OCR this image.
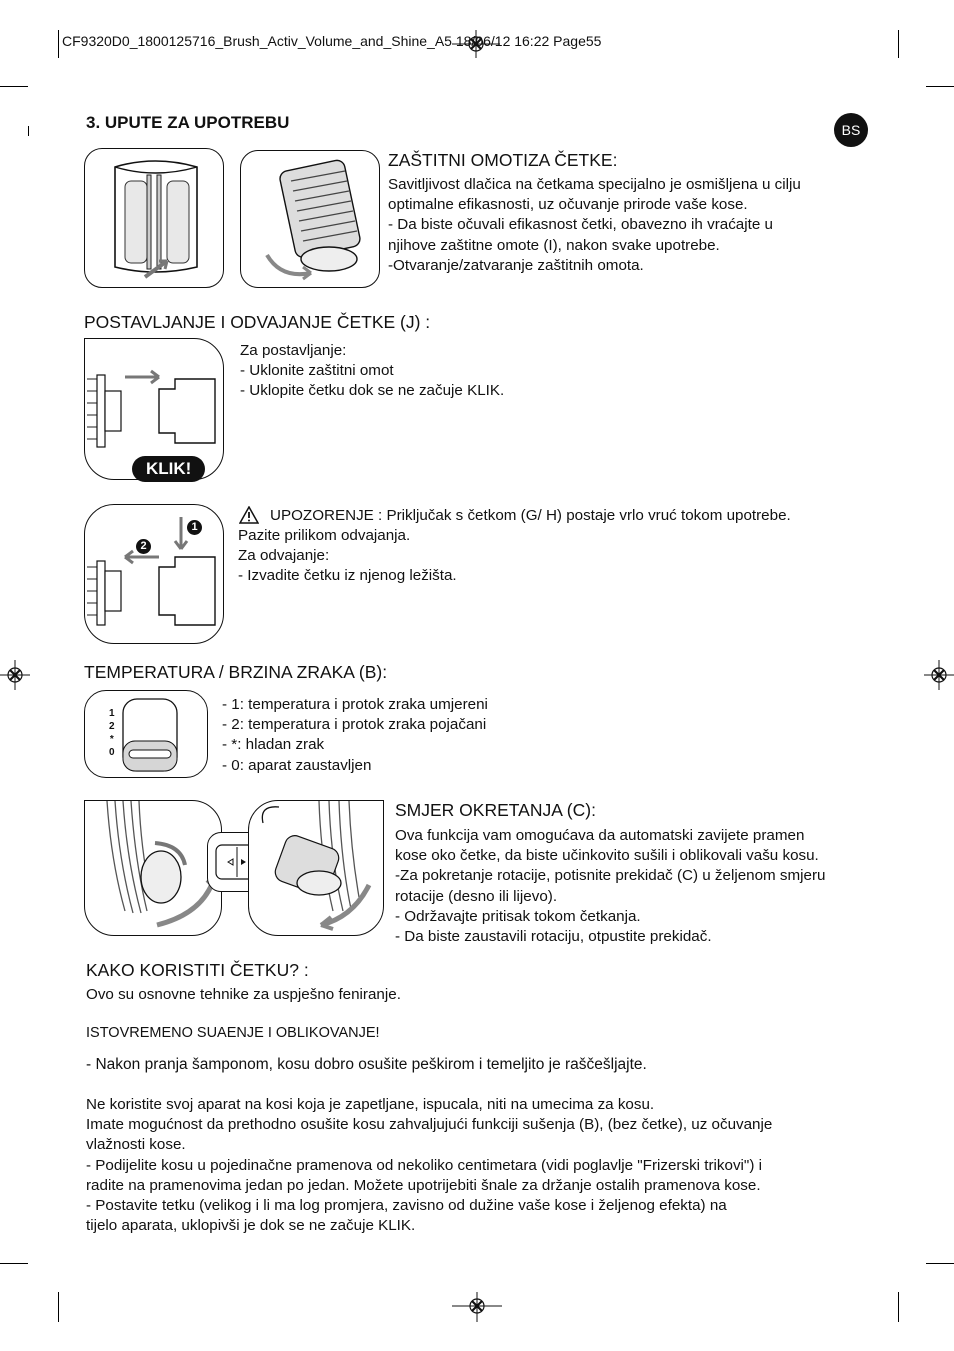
CF9320D0_1800125716_Brush_Activ_Volume_and_Shine_A5 18/06/12 16:22 Page55
BS
3. UPUTE ZA UPOTREBU
ZAŠTITNI OMOTIZA ČETKE:
Savitljivost dlačica na četkama specijalno je osmišljena u cilju
optimalne efikasnosti, uz očuvanje prirode vaše kose.
- Da biste očuvali efikasnost četki, obavezno ih vraćajte u
njihove zaštitne omote (I), nakon svake upotrebe.
-Otvaranje/zatvaranje zaštitnih omota.
POSTAVLJANJE I ODVAJANJE ČETKE (J) :
KLIK!
Za postavljanje:
- Uklonite zaštitni omot
- Uklopite četku dok se ne začuje KLIK.
1
2
UPOZORENJE : Priključak s četkom (G/ H) postaje vrlo vruć tokom upotrebe.
Pazite prilikom odvajanja.
Za odvajanje:
- Izvadite četku iz njenog ležišta.
TEMPERATURA / BRZINA ZRAKA (B):
1
2
*
0
- 1: temperatura i protok zraka umjereni
- 2: temperatura i protok zraka pojačani
- *: hladan zrak
- 0: aparat zaustavljen
SMJER OKRETANJA (C):
Ova funkcija vam omogućava da automatski zavijete pramen
kose oko četke, da biste učinkovito sušili i oblikovali vašu kosu.
-Za pokretanje rotacije, potisnite prekidač (C) u željenom smjeru
rotacije (desno ili lijevo).
- Održavajte pritisak tokom četkanja.
- Da biste zaustavili rotaciju, otpustite prekidač.
KAKO KORISTITI ČETKU? :
Ovo su osnovne tehnike za uspješno feniranje.
ISTOVREMENO SUAENJE I OBLIKOVANJE!
- Nakon pranja šamponom, kosu dobro osušite peškirom i temeljito je raščešljajte.
Ne koristite svoj aparat na kosi koja je zapetljane, ispucala, niti na umecima za kosu.
Imate mogućnost da prethodno osušite kosu zahvaljujući funkciji sušenja (B), (bez četke), uz očuvanje
vlažnosti kose.
- Podijelite kosu u pojedinačne pramenova od nekoliko centimetara (vidi poglavlje "Frizerski trikovi") i
radite na pramenovima jedan po jedan. Možete upotrijebiti šnale za držanje ostalih pramenova kose.
- Postavite tetku (velikog i li ma log promjera, zavisno od dužine vaše kose i željenog efekta) na
tijelo aparata, uklopivši je dok se ne začuje KLIK.
